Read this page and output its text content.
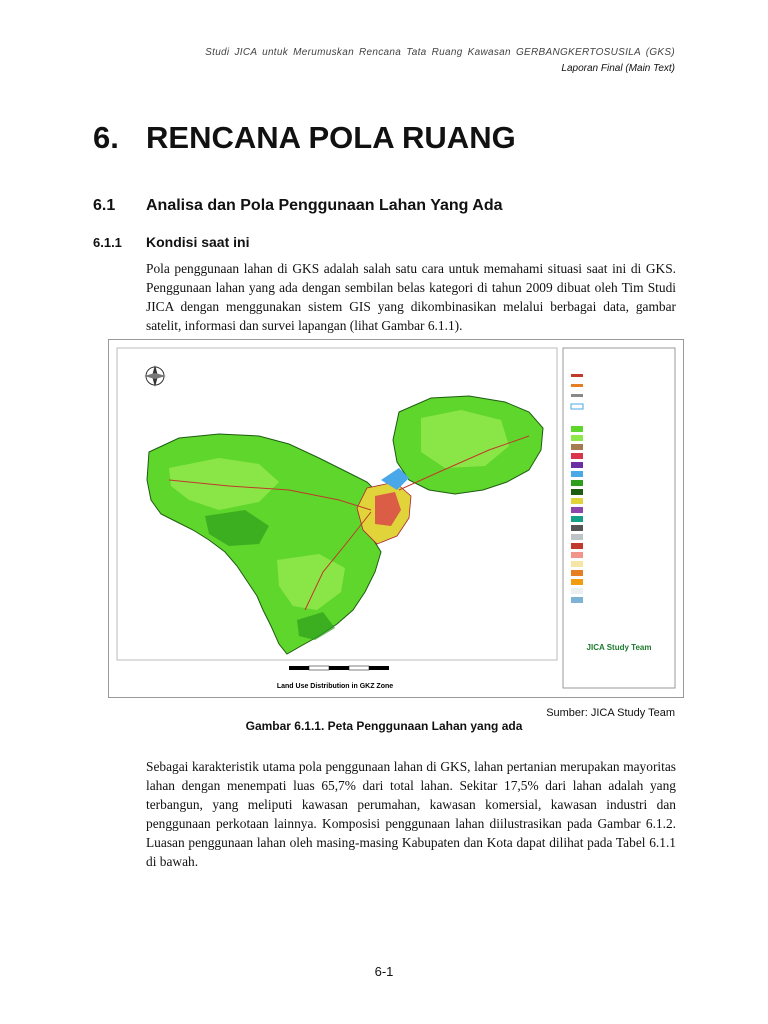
Studi JICA untuk Merumuskan Rencana Tata Ruang Kawasan GERBANGKERTOSUSILA (GKS)
Laporan Final (Main Text)
6. RENCANA POLA RUANG
6.1 Analisa dan Pola Penggunaan Lahan Yang Ada
6.1.1 Kondisi saat ini
Pola penggunaan lahan di GKS adalah salah satu cara untuk memahami situasi saat ini di GKS. Penggunaan lahan yang ada dengan sembilan belas kategori di tahun 2009 dibuat oleh Tim Studi JICA dengan menggunakan sistem GIS yang dikombinasikan melalui berbagai data, gambar satelit, informasi dan survei lapangan (lihat Gambar 6.1.1).
Land Use Distribution in GKZ Zone
JICA Study Team
Sumber: JICA Study Team
Gambar 6.1.1. Peta Penggunaan Lahan yang ada
Sebagai karakteristik utama pola penggunaan lahan di GKS, lahan pertanian merupakan mayoritas lahan dengan menempati luas 65,7% dari total lahan. Sekitar 17,5% dari lahan adalah yang terbangun, yang meliputi kawasan perumahan, kawasan komersial, kawasan industri dan penggunaan perkotaan lainnya. Komposisi penggunaan lahan diilustrasikan pada Gambar 6.1.2. Luasan penggunaan lahan oleh masing-masing Kabupaten dan Kota dapat dilihat pada Tabel 6.1.1 di bawah.
6-1
